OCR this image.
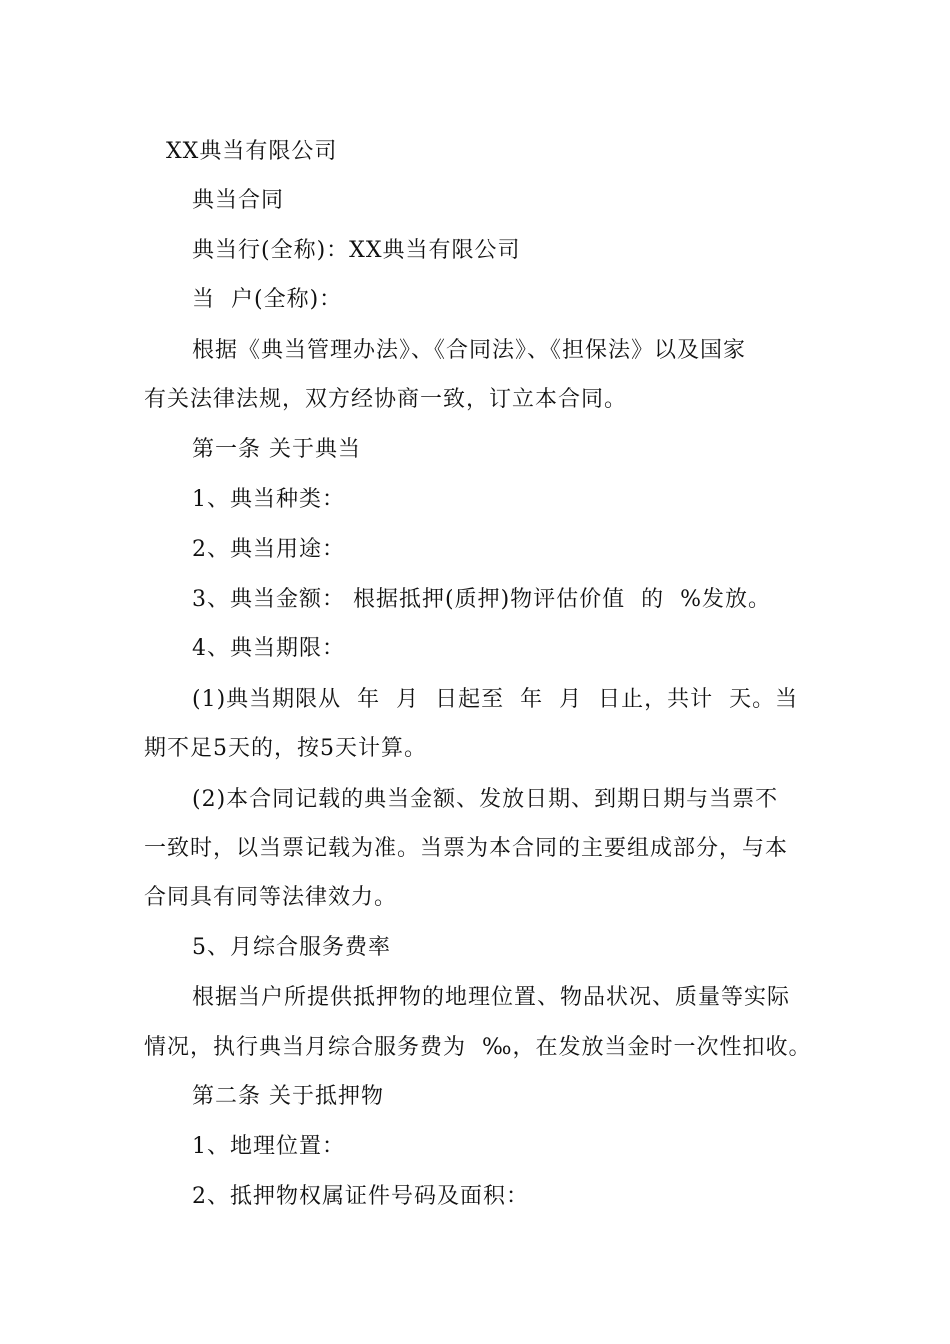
XX典当有限公司
典当合同
典当行(全称)：XX典当有限公司
当  户(全称)：
根据《典当管理办法》、《合同法》、《担保法》以及国家
有关法律法规，双方经协商一致，订立本合同。
第一条 关于典当
1、典当种类：
2、典当用途：
3、典当金额： 根据抵押(质押)物评估价值  的  %发放。
4、典当期限：
(1)典当期限从  年  月  日起至  年  月  日止，共计  天。当
期不足5天的，按5天计算。
(2)本合同记载的典当金额、发放日期、到期日期与当票不
一致时，以当票记载为准。当票为本合同的主要组成部分，与本
合同具有同等法律效力。
5、月综合服务费率
根据当户所提供抵押物的地理位置、物品状况、质量等实际
情况，执行典当月综合服务费为  ‰，在发放当金时一次性扣收。
第二条 关于抵押物
1、地理位置：
2、抵押物权属证件号码及面积：
